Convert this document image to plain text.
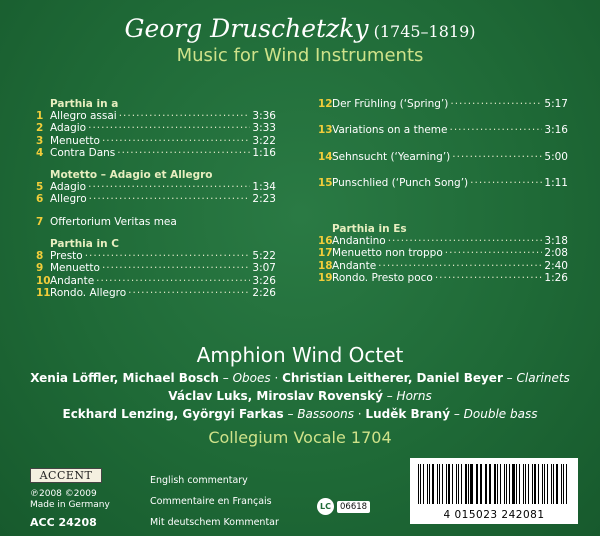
Georg Druschetzky (1745–1819)
Music for Wind Instruments
Parthia in a
1 Allegro assai ·····	3:36
2 Adagio ·····	3:33
3 Menuetto ·····	3:22
4 Contra Dans ·····	1:16
Motetto – Adagio et Allegro
5 Adagio ·····	1:34
6 Allegro ·····	2:23
7 Offertorium Veritas mea
Parthia in C
8 Presto ·····	5:22
9 Menuetto ·····	3:07
10 Andante ·····	3:26
11 Rondo. Allegro ·····	2:26
12 Der Frühling (‘Spring’) ·····	5:17
13 Variations on a theme ·····	3:16
14 Sehnsucht (‘Yearning’) ·····	5:00
15 Punschlied (‘Punch Song’) ·····	1:11
Parthia in Es
16 Andantino ·····	3:18
17 Menuetto non troppo ·····	2:08
18 Andante ·····	2:40
19 Rondo. Presto poco ·····	1:26
Amphion Wind Octet
Xenia Löffler, Michael Bosch – Oboes · Christian Leitherer, Daniel Beyer – Clarinets
Václav Luks, Miroslav Rovenský – Horns
Eckhard Lenzing, Györgyi Farkas – Bassoons · Luděk Braný – Double bass
Collegium Vocale 1704
ACCENT
℗2008 ©2009
Made in Germany
ACC 24208
English commentary
Commentaire en Français
Mit deutschem Kommentar
LC	06618
4 015023 242081
